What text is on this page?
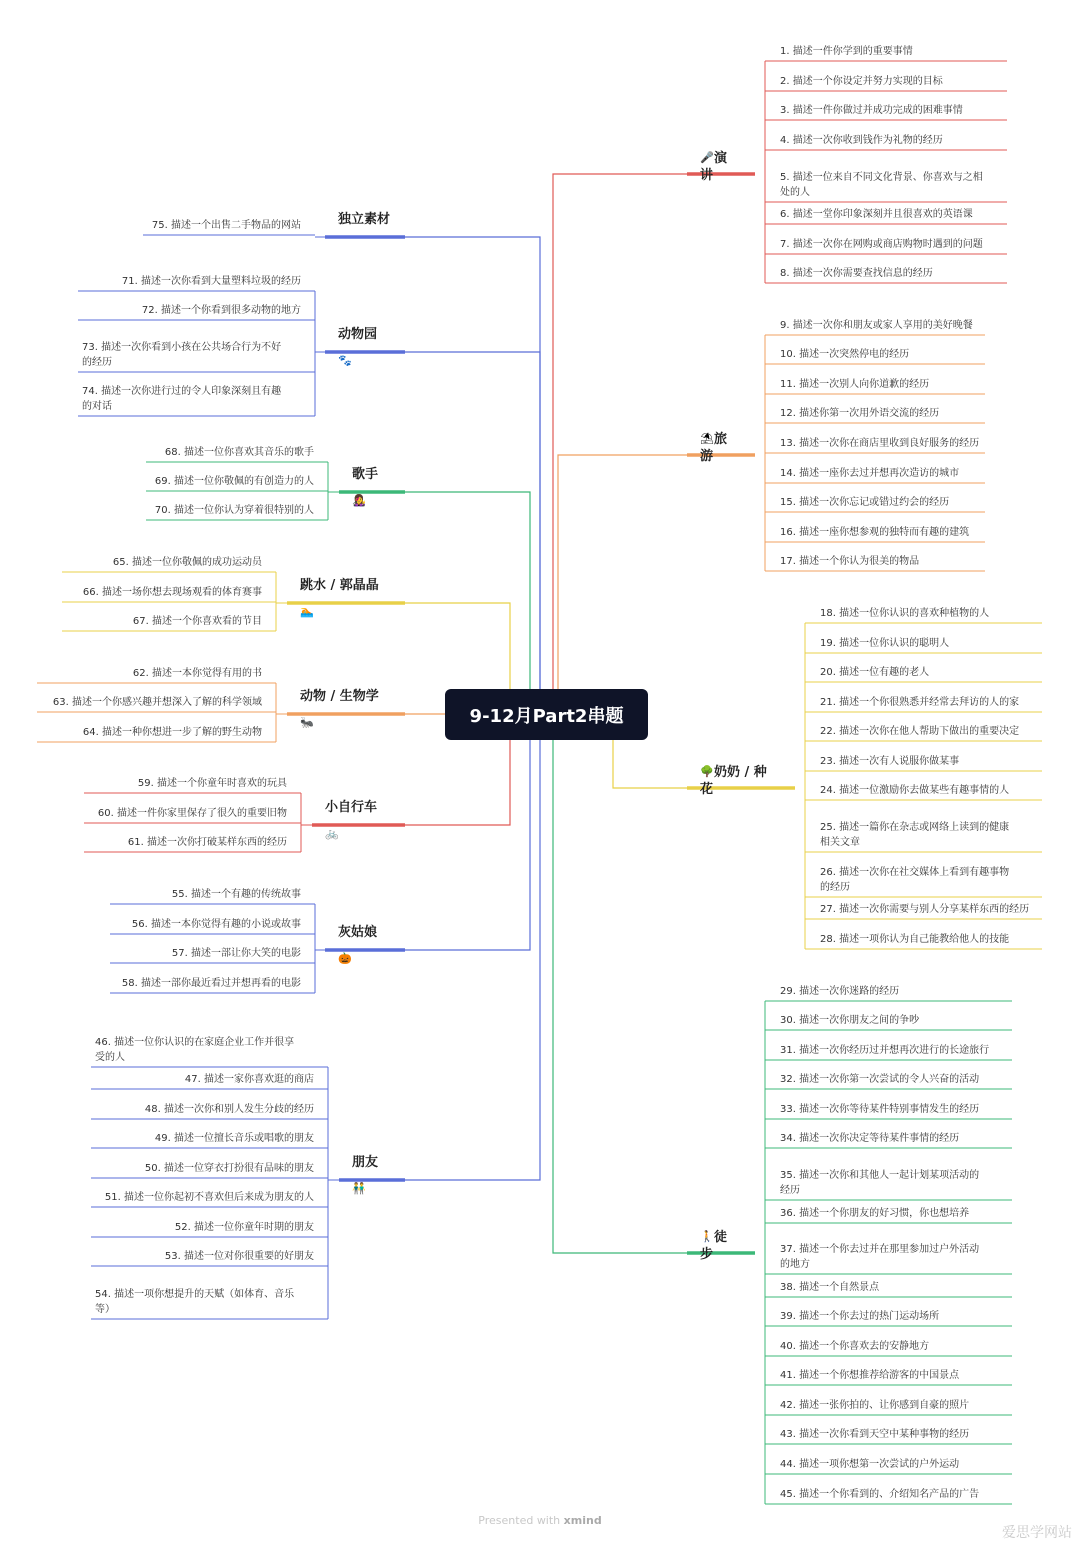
🎤 演
讲
1. 描述一件你学到的重要事情
2. 描述一个你设定并努力实现的目标
3. 描述一件你做过并成功完成的困难事情
4. 描述一次你收到钱作为礼物的经历
5. 描述一位来自不同文化背景、你喜欢与之相
处的人
6. 描述一堂你印象深刻并且很喜欢的英语课
7. 描述一次你在网购或商店购物时遇到的问题
8. 描述一次你需要查找信息的经历
⛱ 旅
游
9. 描述一次你和朋友或家人享用的美好晚餐
10. 描述一次突然停电的经历
11. 描述一次别人向你道歉的经历
12. 描述你第一次用外语交流的经历
13. 描述一次你在商店里收到良好服务的经历
14. 描述一座你去过并想再次造访的城市
15. 描述一次你忘记或错过约会的经历
16. 描述一座你想参观的独特而有趣的建筑
17. 描述一个你认为很美的物品
🌳 奶奶 / 种
花
18. 描述一位你认识的喜欢种植物的人
19. 描述一位你认识的聪明人
20. 描述一位有趣的老人
21. 描述一个你很熟悉并经常去拜访的人的家
22. 描述一次你在他人帮助下做出的重要决定
23. 描述一次有人说服你做某事
24. 描述一位激励你去做某些有趣事情的人
25. 描述一篇你在杂志或网络上读到的健康
相关文章
26. 描述一次你在社交媒体上看到有趣事物
的经历
27. 描述一次你需要与别人分享某样东西的经历
28. 描述一项你认为自己能教给他人的技能
🚶 徒
步
29. 描述一次你迷路的经历
30. 描述一次你朋友之间的争吵
31. 描述一次你经历过并想再次进行的长途旅行
32. 描述一次你第一次尝试的令人兴奋的活动
33. 描述一次你等待某件特别事情发生的经历
34. 描述一次你决定等待某件事情的经历
35. 描述一次你和其他人一起计划某项活动的
经历
36. 描述一个你朋友的好习惯，你也想培养
37. 描述一个你去过并在那里参加过户外活动
的地方
38. 描述一个自然景点
39. 描述一个你去过的热门运动场所
40. 描述一个你喜欢去的安静地方
41. 描述一个你想推荐给游客的中国景点
42. 描述一张你拍的、让你感到自豪的照片
43. 描述一次你看到天空中某种事物的经历
44. 描述一项你想第一次尝试的户外运动
45. 描述一个你看到的、介绍知名产品的广告
独立素材
75. 描述一个出售二手物品的网站
动物园
🐾
71. 描述一次你看到大量塑料垃圾的经历
72. 描述一个你看到很多动物的地方
73. 描述一次你看到小孩在公共场合行为不好
的经历
74. 描述一次你进行过的令人印象深刻且有趣
的对话
歌手
👩‍🎤
68. 描述一位你喜欢其音乐的歌手
69. 描述一位你敬佩的有创造力的人
70. 描述一位你认为穿着很特别的人
跳水 / 郭晶晶
🏊
65. 描述一位你敬佩的成功运动员
66. 描述一场你想去现场观看的体育赛事
67. 描述一个你喜欢看的节目
动物 / 生物学
🐜
62. 描述一本你觉得有用的书
63. 描述一个你感兴趣并想深入了解的科学领域
64. 描述一种你想进一步了解的野生动物
小自行车
🚲
59. 描述一个你童年时喜欢的玩具
60. 描述一件你家里保存了很久的重要旧物
61. 描述一次你打破某样东西的经历
灰姑娘
🎃
55. 描述一个有趣的传统故事
56. 描述一本你觉得有趣的小说或故事
57. 描述一部让你大笑的电影
58. 描述一部你最近看过并想再看的电影
朋友
👬
46. 描述一位你认识的在家庭企业工作并很享
受的人
47. 描述一家你喜欢逛的商店
48. 描述一次你和别人发生分歧的经历
49. 描述一位擅长音乐或唱歌的朋友
50. 描述一位穿衣打扮很有品味的朋友
51. 描述一位你起初不喜欢但后来成为朋友的人
52. 描述一位你童年时期的朋友
53. 描述一位对你很重要的好朋友
54. 描述一项你想提升的天赋（如体育、音乐
等）
9-12月Part2串题
Presented with xmind
爱思学网站
